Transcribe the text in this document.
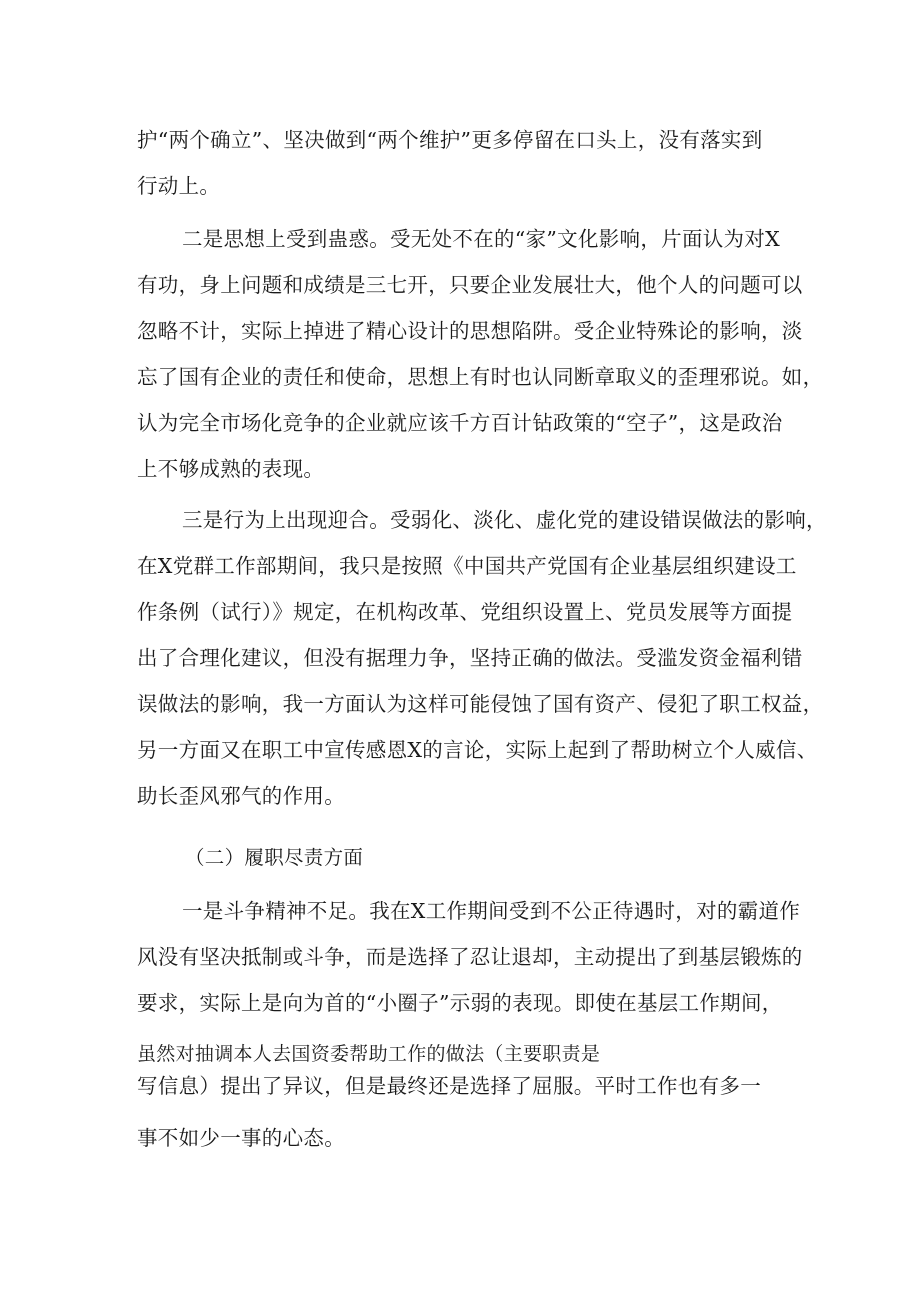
护“两个确立”、坚决做到“两个维护”更多停留在口头上，没有落实到
行动上。
二是思想上受到蛊惑。受无处不在的“家”文化影响，片面认为对X
有功，身上问题和成绩是三七开，只要企业发展壮大，他个人的问题可以
忽略不计，实际上掉进了精心设计的思想陷阱。受企业特殊论的影响，淡
忘了国有企业的责任和使命，思想上有时也认同断章取义的歪理邪说。如，
认为完全市场化竞争的企业就应该千方百计钻政策的“空子”，这是政治
上不够成熟的表现。
三是行为上出现迎合。受弱化、淡化、虚化党的建设错误做法的影响，
在X党群工作部期间，我只是按照《中国共产党国有企业基层组织建设工
作条例（试行）》规定，在机构改革、党组织设置上、党员发展等方面提
出了合理化建议，但没有据理力争，坚持正确的做法。受滥发资金福利错
误做法的影响，我一方面认为这样可能侵蚀了国有资产、侵犯了职工权益，
另一方面又在职工中宣传感恩X的言论，实际上起到了帮助树立个人威信、
助长歪风邪气的作用。
（二）履职尽责方面
一是斗争精神不足。我在X工作期间受到不公正待遇时，对的霸道作
风没有坚决抵制或斗争，而是选择了忍让退却，主动提出了到基层锻炼的
要求，实际上是向为首的“小圈子”示弱的表现。即使在基层工作期间，
虽然对抽调本人去国资委帮助工作的做法（主要职责是
写信息）提出了异议，但是最终还是选择了屈服。平时工作也有多一
事不如少一事的心态。
